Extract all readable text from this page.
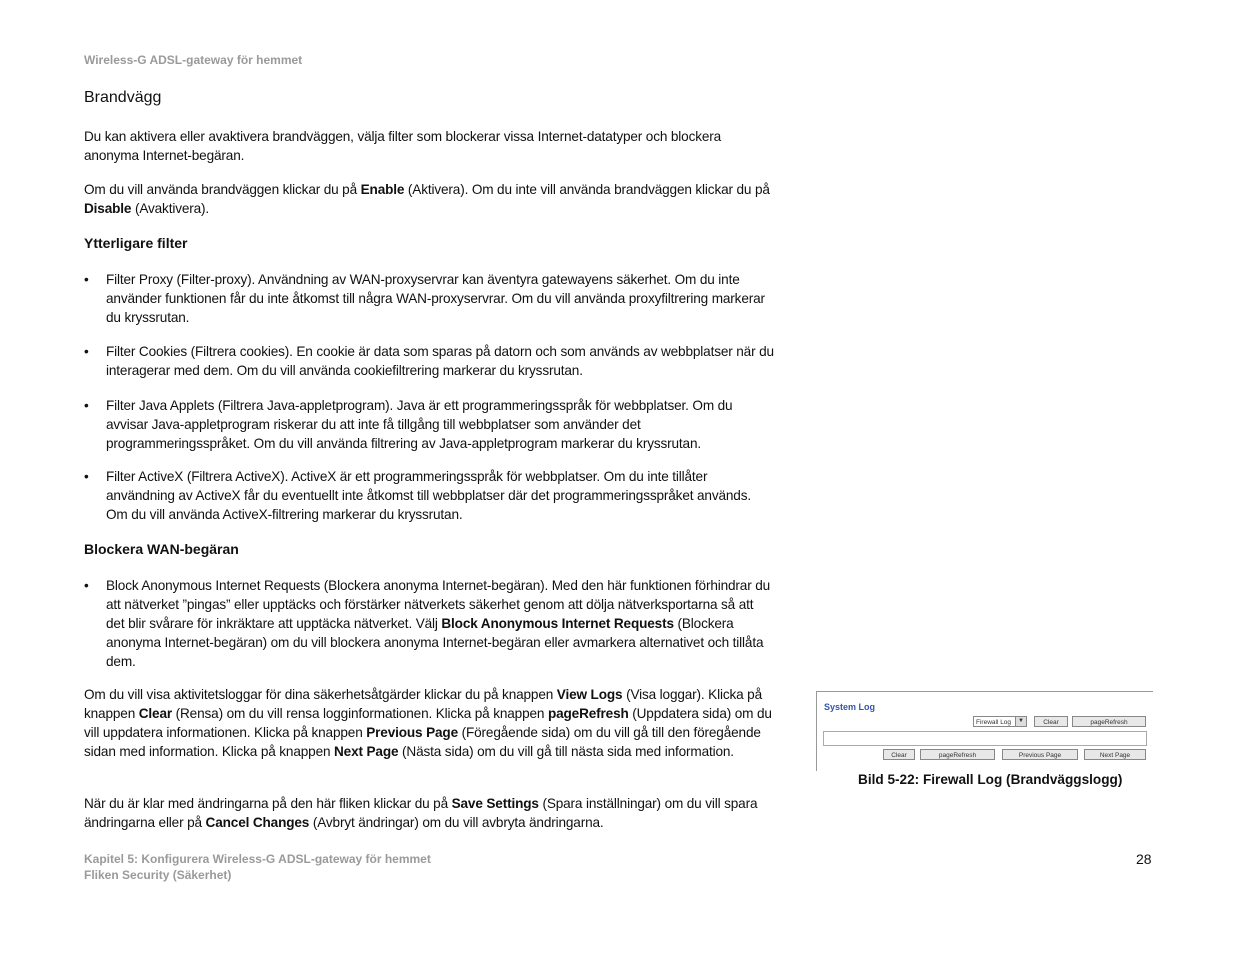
Wireless-G ADSL-gateway för hemmet
Brandvägg
Du kan aktivera eller avaktivera brandväggen, välja filter som blockerar vissa Internet-datatyper och blockera anonyma Internet-begäran.
Om du vill använda brandväggen klickar du på Enable (Aktivera). Om du inte vill använda brandväggen klickar du på Disable (Avaktivera).
Ytterligare filter
• Filter Proxy (Filter-proxy). Användning av WAN-proxyservrar kan äventyra gatewayens säkerhet. Om du inte använder funktionen får du inte åtkomst till några WAN-proxyservrar. Om du vill använda proxyfiltrering markerar du kryssrutan.
• Filter Cookies (Filtrera cookies). En cookie är data som sparas på datorn och som används av webbplatser när du interagerar med dem. Om du vill använda cookiefiltrering markerar du kryssrutan.
• Filter Java Applets (Filtrera Java-appletprogram). Java är ett programmeringsspråk för webbplatser. Om du avvisar Java-appletprogram riskerar du att inte få tillgång till webbplatser som använder det programmeringsspråket. Om du vill använda filtrering av Java-appletprogram markerar du kryssrutan.
• Filter ActiveX (Filtrera ActiveX). ActiveX är ett programmeringsspråk för webbplatser. Om du inte tillåter användning av ActiveX får du eventuellt inte åtkomst till webbplatser där det programmeringsspråket används. Om du vill använda ActiveX-filtrering markerar du kryssrutan.
Blockera WAN-begäran
• Block Anonymous Internet Requests (Blockera anonyma Internet-begäran). Med den här funktionen förhindrar du att nätverket ”pingas” eller upptäcks och förstärker nätverkets säkerhet genom att dölja nätverksportarna så att det blir svårare för inkräktare att upptäcka nätverket. Välj Block Anonymous Internet Requests (Blockera anonyma Internet-begäran) om du vill blockera anonyma Internet-begäran eller avmarkera alternativet och tillåta dem.
Om du vill visa aktivitetsloggar för dina säkerhetsåtgärder klickar du på knappen View Logs (Visa loggar). Klicka på knappen Clear (Rensa) om du vill rensa logginformationen. Klicka på knappen pageRefresh (Uppdatera sida) om du vill uppdatera informationen. Klicka på knappen Previous Page (Föregående sida) om du vill gå till den föregående sidan med information. Klicka på knappen Next Page (Nästa sida) om du vill gå till nästa sida med information.
När du är klar med ändringarna på den här fliken klickar du på Save Settings (Spara inställningar) om du vill spara ändringarna eller på Cancel Changes (Avbryt ändringar) om du vill avbryta ändringarna.
System Log
Firewall Log	▼	Clear	pageRefresh
Clear	pageRefresh	Previous Page	Next Page
Bild 5-22: Firewall Log (Brandväggslogg)
Kapitel 5: Konfigurera Wireless-G ADSL-gateway för hemmet
Fliken Security (Säkerhet)
28
